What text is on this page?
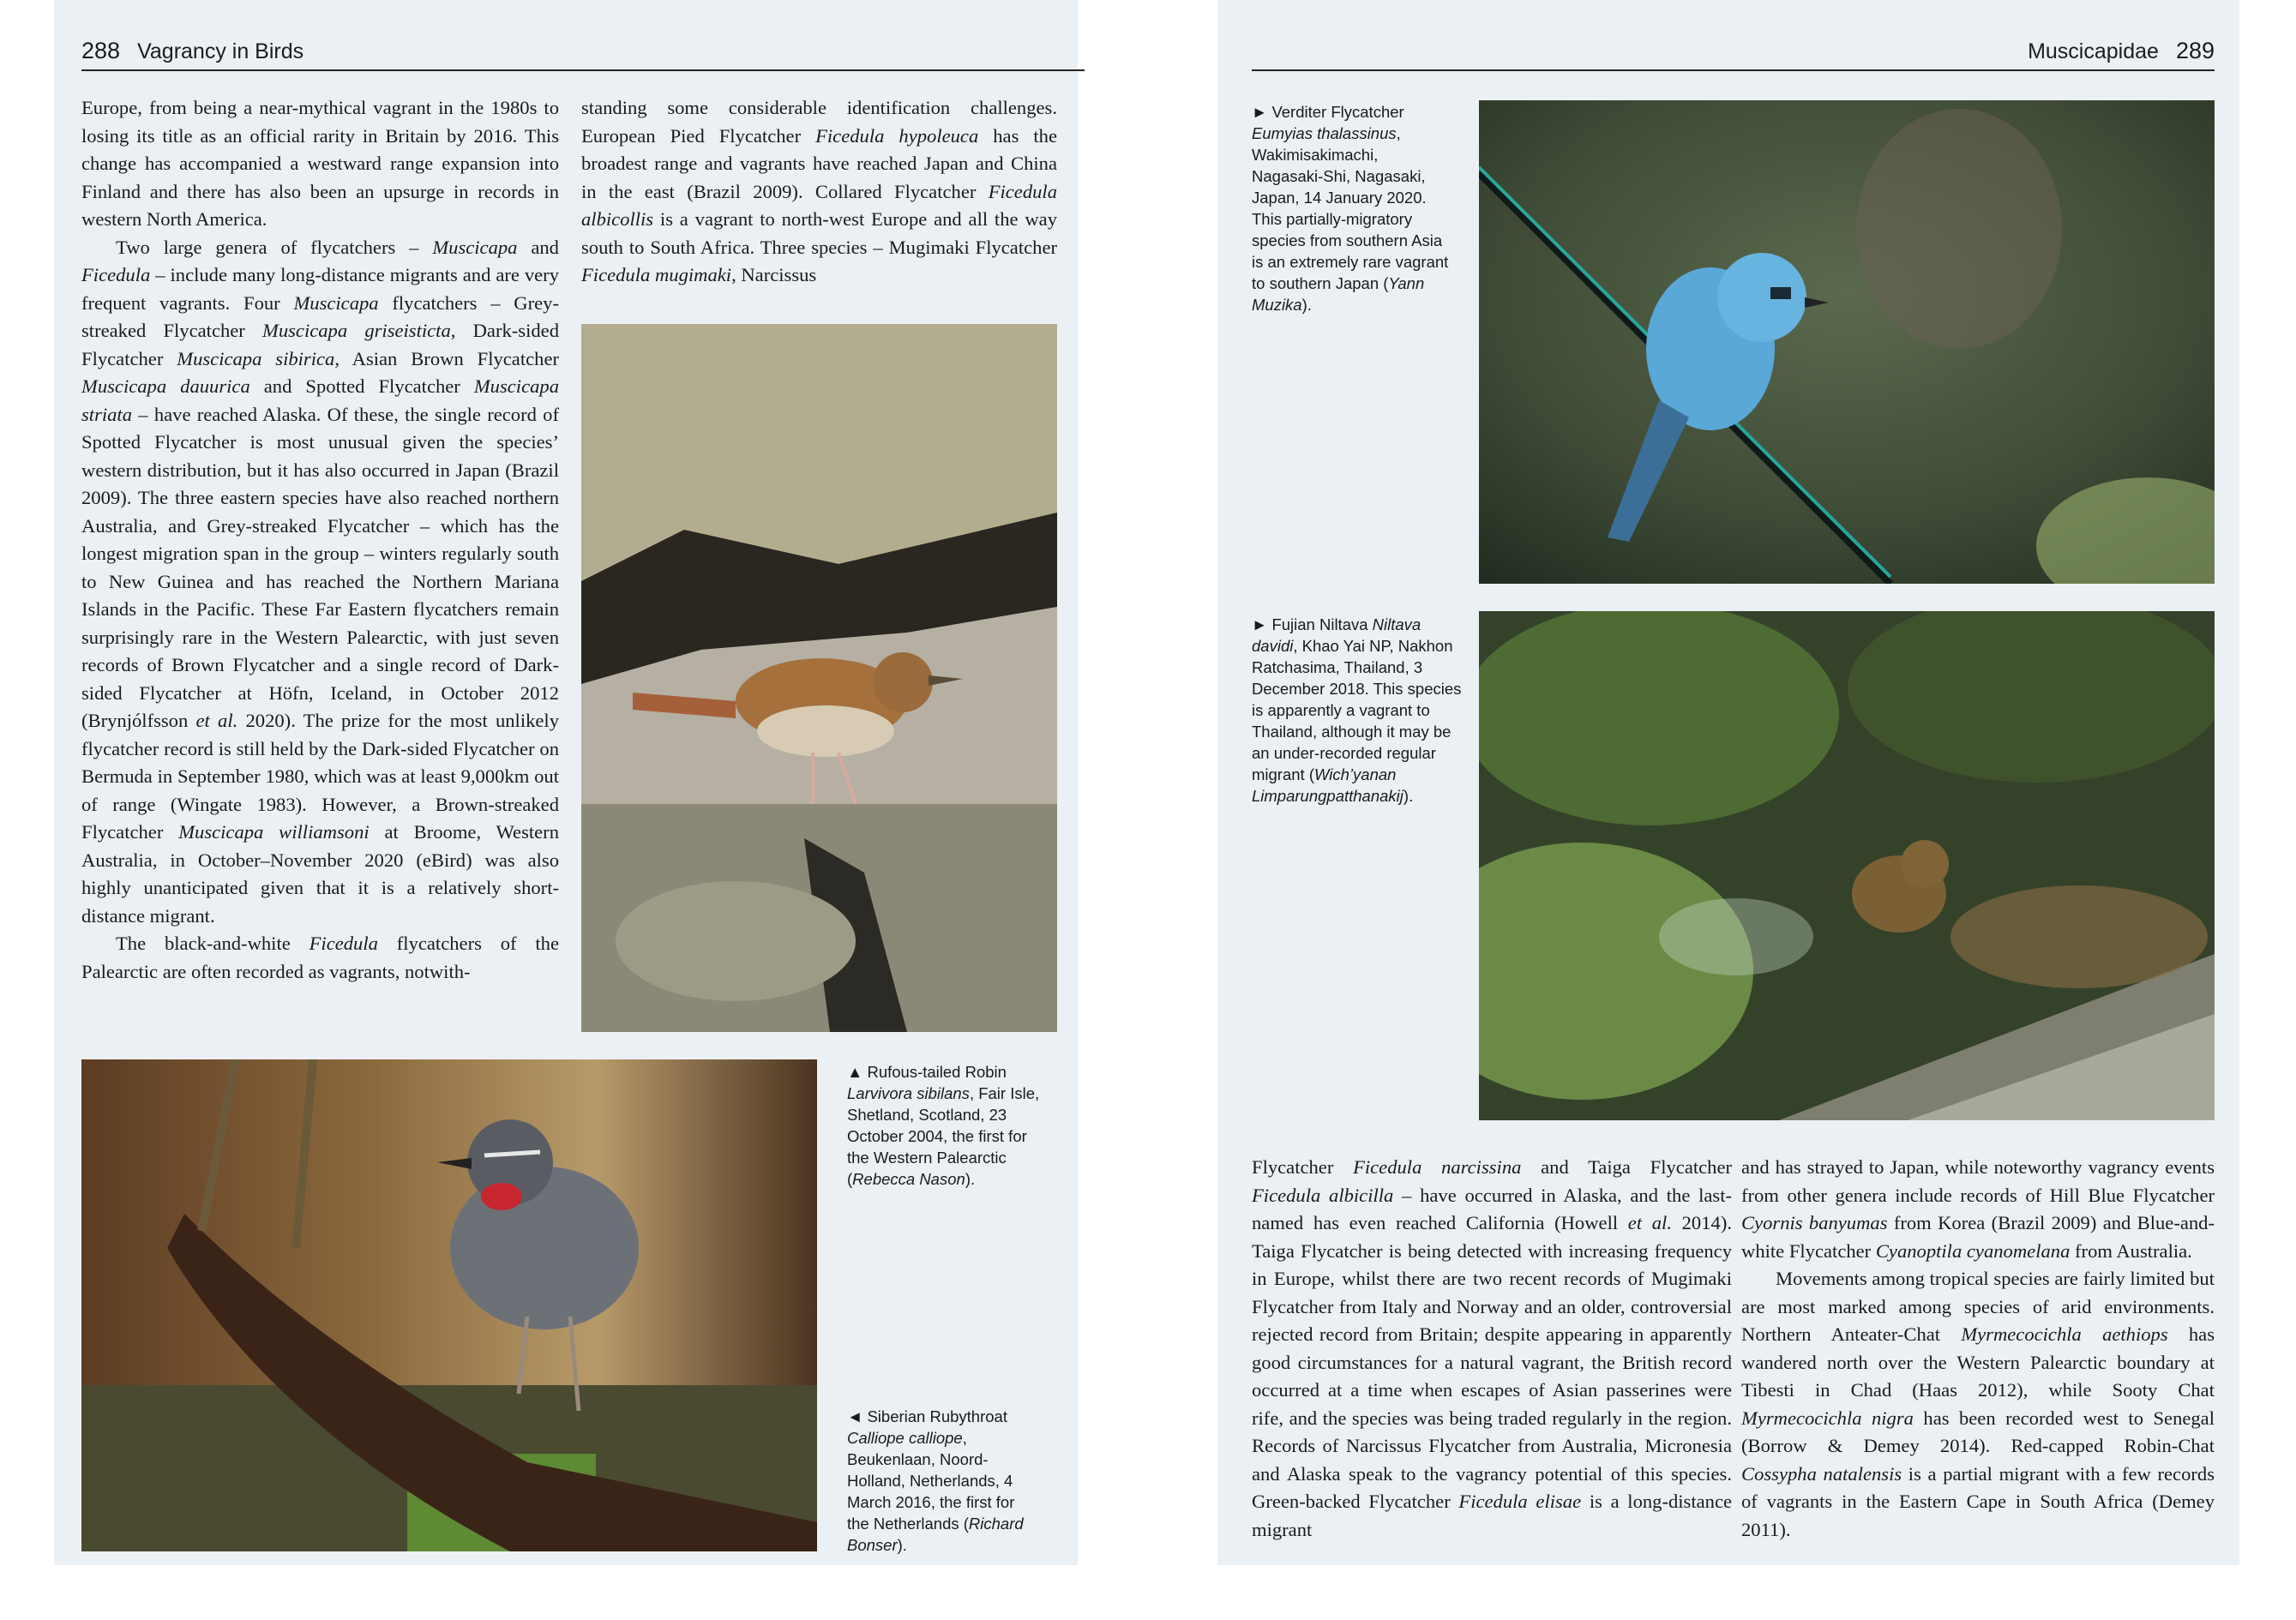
288 Vagrancy in Birds

Europe, from being a near-mythical vagrant in the 1980s to losing its title as an official rarity in Britain by 2016. This change has accompanied a westward range expansion into Finland and there has also been an upsurge in records in western North America.

Two large genera of flycatchers – Muscicapa and Ficedula – include many long-distance migrants and are very frequent vagrants. Four Muscicapa flycatchers – Grey-streaked Flycatcher Muscicapa griseisticta, Dark-sided Flycatcher Muscicapa sibirica, Asian Brown Flycatcher Muscicapa dauurica and Spotted Flycatcher Muscicapa striata – have reached Alaska. Of these, the single record of Spotted Flycatcher is most unusual given the species’ western distribution, but it has also occurred in Japan (Brazil 2009). The three eastern species have also reached northern Australia, and Grey-streaked Flycatcher – which has the longest migration span in the group – winters regularly south to New Guinea and has reached the Northern Mariana Islands in the Pacific. These Far Eastern flycatchers remain surprisingly rare in the Western Palearctic, with just seven records of Brown Flycatcher and a single record of Dark-sided Flycatcher at Höfn, Iceland, in October 2012 (Brynjólfsson et al. 2020). The prize for the most unlikely flycatcher record is still held by the Dark-sided Flycatcher on Bermuda in September 1980, which was at least 9,000km out of range (Wingate 1983). However, a Brown-streaked Flycatcher Muscicapa williamsoni at Broome, Western Australia, in October–November 2020 (eBird) was also highly unanticipated given that it is a relatively short-distance migrant.

The black-and-white Ficedula flycatchers of the Palearctic are often recorded as vagrants, notwith-

standing some considerable identification challenges. European Pied Flycatcher Ficedula hypoleuca has the broadest range and vagrants have reached Japan and China in the east (Brazil 2009). Collared Flycatcher Ficedula albicollis is a vagrant to north-west Europe and all the way south to South Africa. Three species – Mugimaki Flycatcher Ficedula mugimaki, Narcissus

▲ Rufous-tailed Robin Larvivora sibilans, Fair Isle, Shetland, Scotland, 23 October 2004, the first for the Western Palearctic (Rebecca Nason).
◄ Siberian Rubythroat Calliope calliope, Beukenlaan, Noord-Holland, Netherlands, 4 March 2016, the first for the Netherlands (Richard Bonser).
Muscicapidae 289
► Verditer Flycatcher Eumyias thalassinus, Wakimisakimachi, Nagasaki-Shi, Nagasaki, Japan, 14 January 2020. This partially-migratory species from southern Asia is an extremely rare vagrant to southern Japan (Yann Muzika).
► Fujian Niltava Niltava davidi, Khao Yai NP, Nakhon Ratchasima, Thailand, 3 December 2018. This species is apparently a vagrant to Thailand, although it may be an under-recorded regular migrant (Wich’yanan Limparungpatthanakij).

Flycatcher Ficedula narcissina and Taiga Flycatcher Ficedula albicilla – have occurred in Alaska, and the last-named has even reached California (Howell et al. 2014). Taiga Flycatcher is being detected with increasing frequency in Europe, whilst there are two recent records of Mugimaki Flycatcher from Italy and Norway and an older, controversial rejected record from Britain; despite appearing in apparently good circumstances for a natural vagrant, the British record occurred at a time when escapes of Asian passerines were rife, and the species was being traded regularly in the region. Records of Narcissus Flycatcher from Australia, Micronesia and Alaska speak to the vagrancy potential of this species. Green-backed Flycatcher Ficedula elisae is a long-distance migrant

and has strayed to Japan, while noteworthy vagrancy events from other genera include records of Hill Blue Flycatcher Cyornis banyumas from Korea (Brazil 2009) and Blue-and-white Flycatcher Cyanoptila cyanomelana from Australia.

Movements among tropical species are fairly limited but are most marked among species of arid environments. Northern Anteater-Chat Myrmecocichla aethiops has wandered north over the Western Palearctic boundary at Tibesti in Chad (Haas 2012), while Sooty Chat Myrmecocichla nigra has been recorded west to Senegal (Borrow & Demey 2014). Red-capped Robin-Chat Cossypha natalensis is a partial migrant with a few records of vagrants in the Eastern Cape in South Africa (Demey 2011).
